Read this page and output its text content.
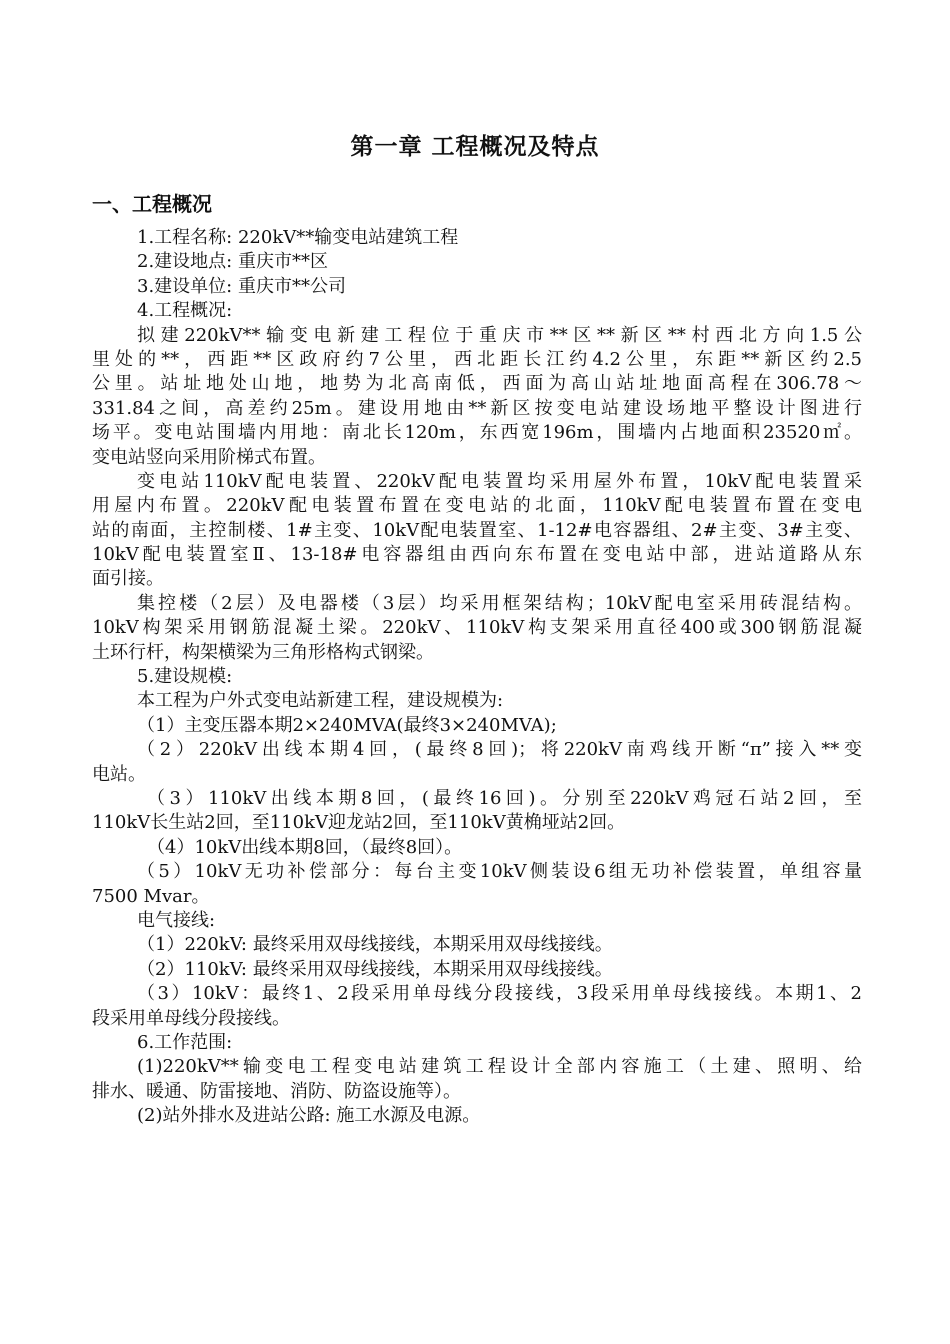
第一章 工程概况及特点
一、工程概况
1.工程名称: 220kV**输变电站建筑工程
2.建设地点: 重庆市**区
3.建设单位: 重庆市**公司
4.工程概况:
拟建220kV**输变电新建工程位于重庆市**区**新区**村西北方向1.5公
里处的**，西距**区政府约7公里，西北距长江约4.2公里，东距**新区约2.5
公里。站址地处山地，地势为北高南低，西面为高山站址地面高程在306.78～
331.84之间，高差约25m。建设用地由**新区按变电站建设场地平整设计图进行
场平。变电站围墙内用地：南北长120m，东西宽196m，围墙内占地面积23520㎡。
变电站竖向采用阶梯式布置。
变电站110kV配电装置、220kV配电装置均采用屋外布置，10kV配电装置采
用屋内布置。220kV配电装置布置在变电站的北面，110kV配电装置布置在变电
站的南面，主控制楼、1#主变、10kV配电装置室、1-12#电容器组、2#主变、3#主变、
10kV配电装置室Ⅱ、13-18#电容器组由西向东布置在变电站中部，进站道路从东
面引接。
集控楼（2层）及电器楼（3层）均采用框架结构；10kV配电室采用砖混结构。
10kV构架采用钢筋混凝土梁。220kV、110kV构支架采用直径400或300钢筋混凝
土环行杆，构架横梁为三角形格构式钢梁。
5.建设规模:
本工程为户外式变电站新建工程，建设规模为:
（1）主变压器本期2×240MVA(最终3×240MVA);
（2）220kV出线本期4回，(最终8回)；将220kV南鸡线开断“π”接入**变
电站。
（3）110kV出线本期8回，(最终16回)。分别至220kV鸡冠石站2回，至
110kV长生站2回，至110kV迎龙站2回，至110kV黄桷垭站2回。
（4）10kV出线本期8回，（最终8回）。
（5）10kV无功补偿部分：每台主变10kV侧装设6组无功补偿装置，单组容量
7500 Mvar。
电气接线:
（1）220kV: 最终采用双母线接线，本期采用双母线接线。
（2）110kV: 最终采用双母线接线，本期采用双母线接线。
（3）10kV：最终1、2段采用单母线分段接线，3段采用单母线接线。本期1、2
段采用单母线分段接线。
6.工作范围:
(1)220kV**输变电工程变电站建筑工程设计全部内容施工（土建、照明、给
排水、暖通、防雷接地、消防、防盗设施等）。
(2)站外排水及进站公路: 施工水源及电源。
